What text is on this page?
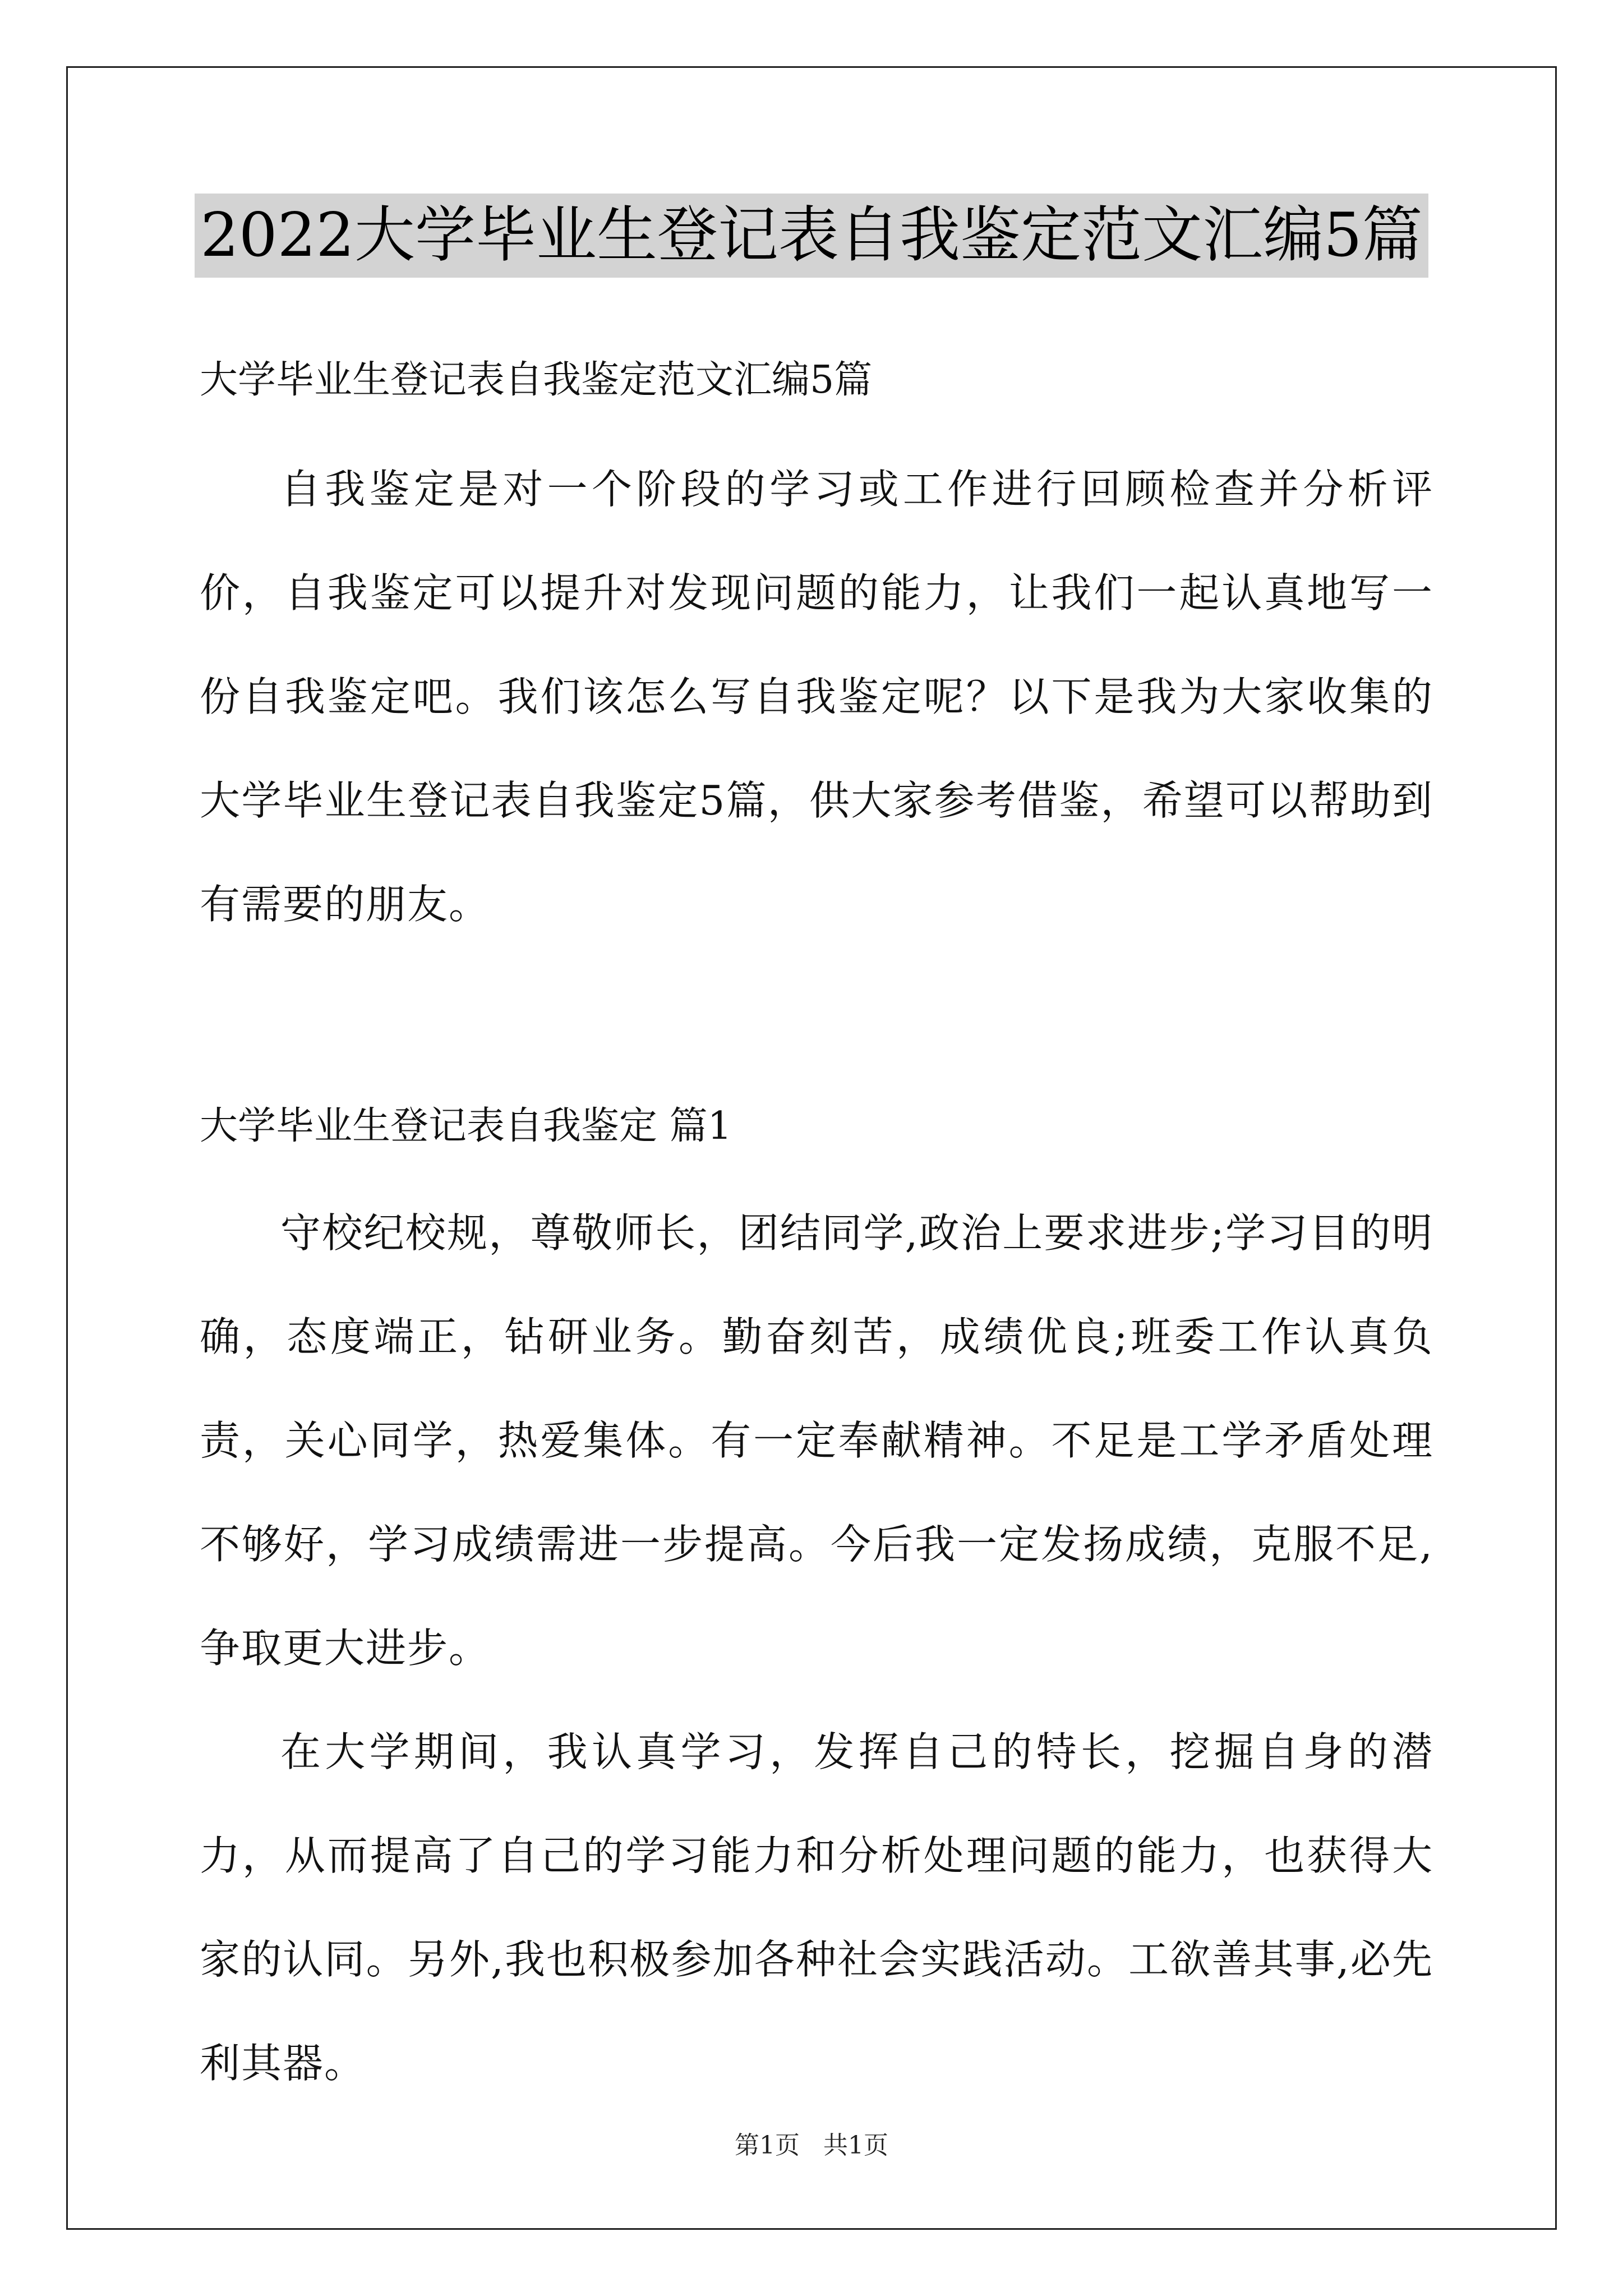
2022大学毕业生登记表自我鉴定范文汇编5篇
大学毕业生登记表自我鉴定范文汇编5篇

自我鉴定是对一个阶段的学习或工作进行回顾检查并分析评价，自我鉴定可以提升对发现问题的能力，让我们一起认真地写一份自我鉴定吧。我们该怎么写自我鉴定呢？以下是我为大家收集的大学毕业生登记表自我鉴定5篇，供大家参考借鉴，希望可以帮助到有需要的朋友。

大学毕业生登记表自我鉴定 篇1

守校纪校规，尊敬师长，团结同学,政治上要求进步;学习目的明确，态度端正，钻研业务。勤奋刻苦，成绩优良;班委工作认真负责，关心同学，热爱集体。有一定奉献精神。不足是工学矛盾处理不够好，学习成绩需进一步提高。今后我一定发扬成绩，克服不足,争取更大进步。

在大学期间，我认真学习，发挥自己的特长，挖掘自身的潜力，从而提高了自己的学习能力和分析处理问题的能力，也获得大家的认同。另外,我也积极参加各种社会实践活动。工欲善其事,必先利其器。

第1页   共1页
